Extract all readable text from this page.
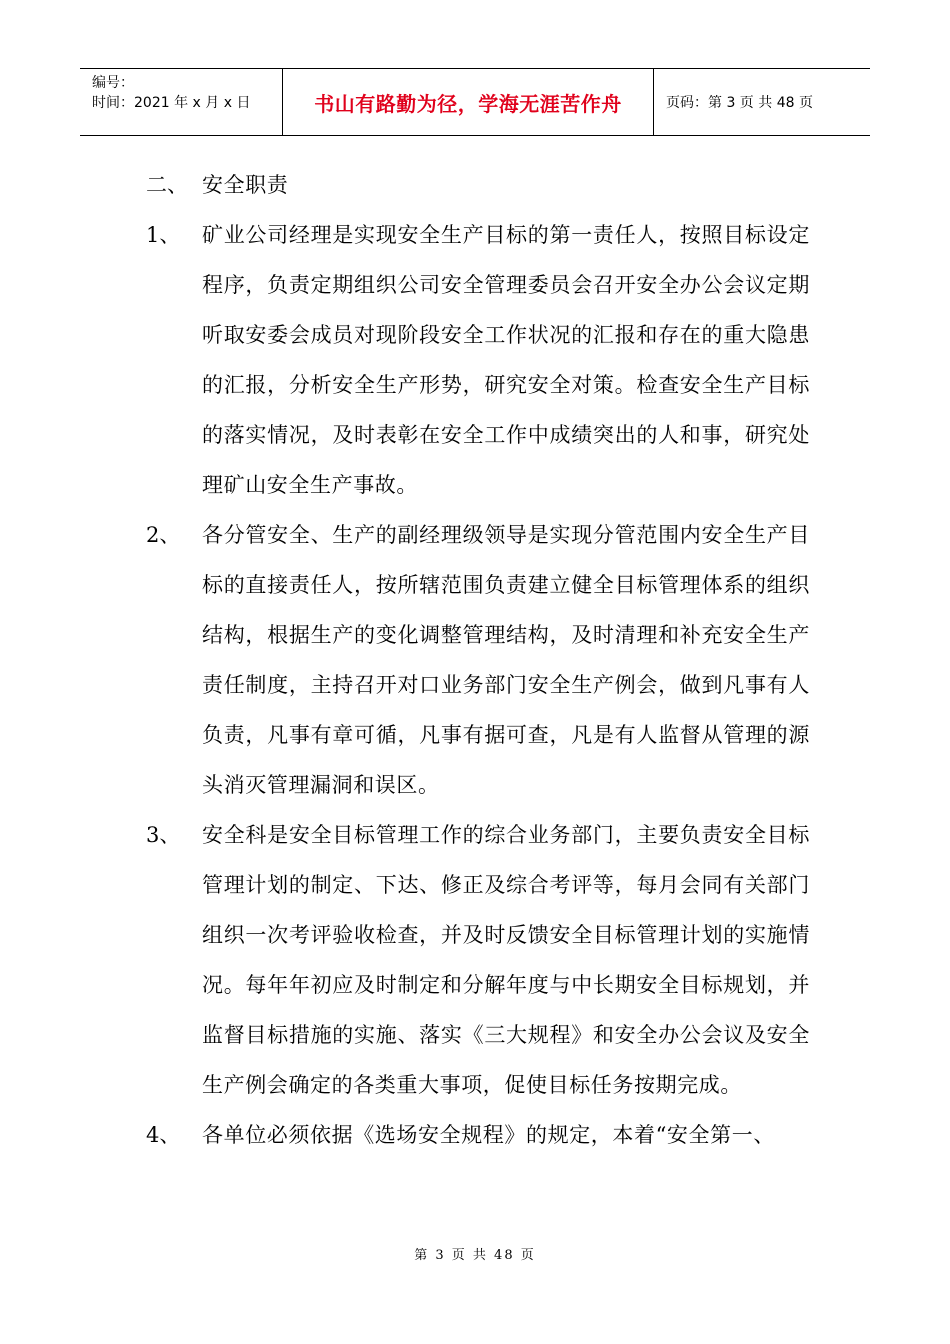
编号：
时间：2021 年 x 月 x 日	书山有路勤为径，学海无涯苦作舟	页码：第 3 页 共 48 页
二、 安全职责
1、	矿业公司经理是实现安全生产目标的第一责任人，按照目标设定程序，负责定期组织公司安全管理委员会召开安全办公会议定期听取安委会成员对现阶段安全工作状况的汇报和存在的重大隐患的汇报，分析安全生产形势，研究安全对策。检查安全生产目标的落实情况，及时表彰在安全工作中成绩突出的人和事，研究处理矿山安全生产事故。
2、	各分管安全、生产的副经理级领导是实现分管范围内安全生产目标的直接责任人，按所辖范围负责建立健全目标管理体系的组织结构，根据生产的变化调整管理结构，及时清理和补充安全生产责任制度，主持召开对口业务部门安全生产例会，做到凡事有人负责，凡事有章可循，凡事有据可查，凡是有人监督从管理的源头消灭管理漏洞和误区。
3、	安全科是安全目标管理工作的综合业务部门，主要负责安全目标管理计划的制定、下达、修正及综合考评等，每月会同有关部门组织一次考评验收检查，并及时反馈安全目标管理计划的实施情况。每年年初应及时制定和分解年度与中长期安全目标规划，并监督目标措施的实施、落实《三大规程》和安全办公会议及安全生产例会确定的各类重大事项，促使目标任务按期完成。
4、	各单位必须依据《选场安全规程》的规定，本着“安全第一、
第 3 页 共 48 页
